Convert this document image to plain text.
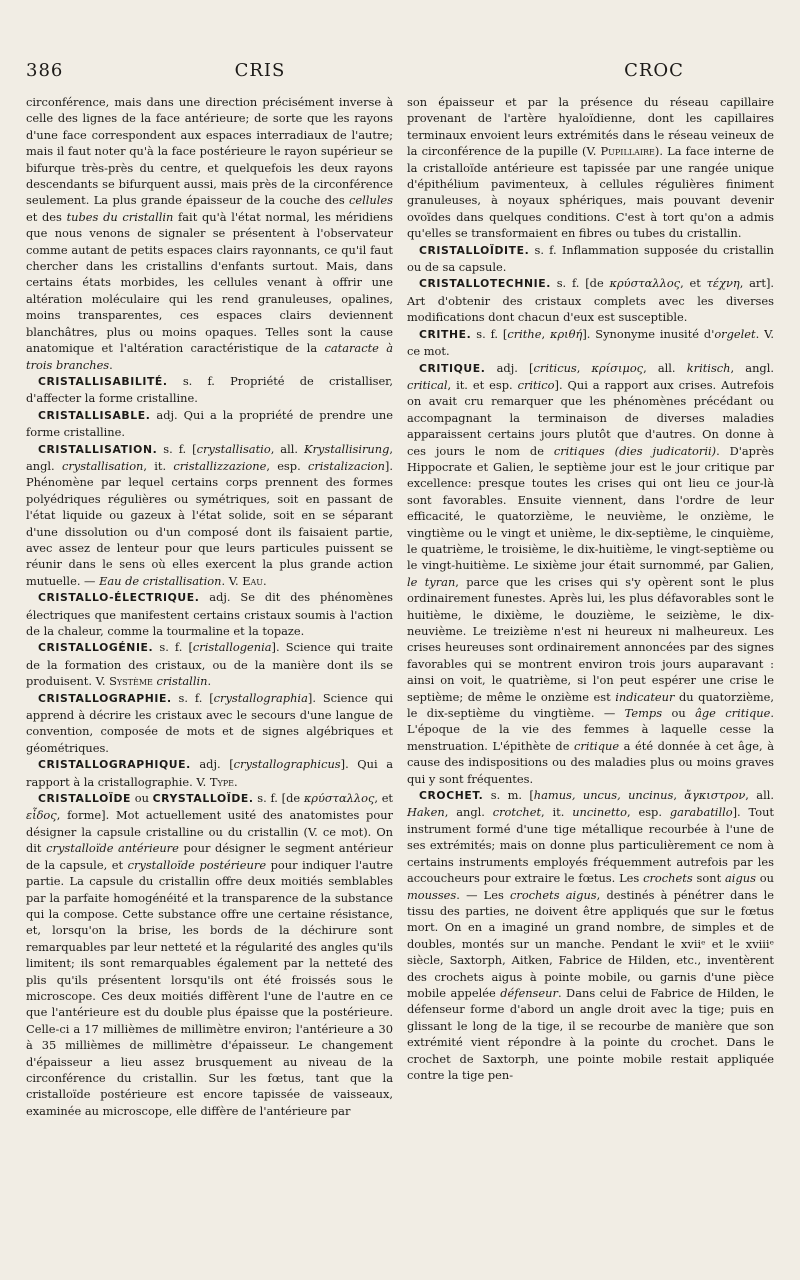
386	CRIS	CROC

circonférence, mais dans une direction précisément inverse à celle des lignes de la face antérieure; de sorte que les rayons d'une face correspondent aux espaces interradiaux de l'autre; mais il faut noter qu'à la face postérieure le rayon supérieur se bifurque très-près du centre, et quelquefois les deux rayons descendants se bifurquent aussi, mais près de la circonférence seulement. La plus grande épaisseur de la couche des cellules et des tubes du cristallin fait qu'à l'état normal, les méridiens que nous venons de signaler se présentent à l'observateur comme autant de petits espaces clairs rayonnants, ce qu'il faut chercher dans les cristallins d'enfants surtout. Mais, dans certains états morbides, les cellules venant à offrir une altération moléculaire qui les rend granuleuses, opalines, moins transparentes, ces espaces clairs deviennent blanchâtres, plus ou moins opaques. Telles sont la cause anatomique et l'altération caractéristique de la cataracte à trois branches.

CRISTALLISABILITÉ. s. f. Propriété de cristalliser, d'affecter la forme cristalline.

CRISTALLISABLE. adj. Qui a la propriété de prendre une forme cristalline.

CRISTALLISATION. s. f. [crystallisatio, all. Krystallisirung, angl. crystallisation, it. cristallizzazione, esp. cristalizacion]. Phénomène par lequel certains corps prennent des formes polyédriques régulières ou symétriques, soit en passant de l'état liquide ou gazeux à l'état solide, soit en se séparant d'une dissolution ou d'un composé dont ils faisaient partie, avec assez de lenteur pour que leurs particules puissent se réunir dans le sens où elles exercent la plus grande action mutuelle. — Eau de cristallisation. V. Eau.

CRISTALLO-ÉLECTRIQUE. adj. Se dit des phénomènes électriques que manifestent certains cristaux soumis à l'action de la chaleur, comme la tourmaline et la topaze.

CRISTALLOGÉNIE. s. f. [cristallogenia]. Science qui traite de la formation des cristaux, ou de la manière dont ils se produisent. V. Système cristallin.

CRISTALLOGRAPHIE. s. f. [crystallographia]. Science qui apprend à décrire les cristaux avec le secours d'une langue de convention, composée de mots et de signes algébriques et géométriques.

CRISTALLOGRAPHIQUE. adj. [crystallographicus]. Qui a rapport à la cristallographie. V. Type.

CRISTALLOÏDE ou CRYSTALLOÏDE. s. f. [de κρύσταλλος, et εἶδος, forme]. Mot actuellement usité des anatomistes pour désigner la capsule cristalline ou du cristallin (V. ce mot). On dit crystalloïde antérieure pour désigner le segment antérieur de la capsule, et crystalloïde postérieure pour indiquer l'autre partie. La capsule du cristallin offre deux moitiés semblables par la parfaite homogénéité et la transparence de la substance qui la compose. Cette substance offre une certaine résistance, et, lorsqu'on la brise, les bords de la déchirure sont remarquables par leur netteté et la régularité des angles qu'ils limitent; ils sont remarquables également par la netteté des plis qu'ils présentent lorsqu'ils ont été froissés sous le microscope. Ces deux moitiés diffèrent l'une de l'autre en ce que l'antérieure est du double plus épaisse que la postérieure. Celle-ci a 17 millièmes de millimètre environ; l'antérieure a 30 à 35 millièmes de millimètre d'épaisseur. Le changement d'épaisseur a lieu assez brusquement au niveau de la circonférence du cristallin. Sur les fœtus, tant que la cristalloïde postérieure est encore tapissée de vaisseaux, examinée au microscope, elle diffère de l'antérieure par

son épaisseur et par la présence du réseau capillaire provenant de l'artère hyaloïdienne, dont les capillaires terminaux envoient leurs extrémités dans le réseau veineux de la circonférence de la pupille (V. Pupillaire). La face interne de la cristalloïde antérieure est tapissée par une rangée unique d'épithélium pavimenteux, à cellules régulières finiment granuleuses, à noyaux sphériques, mais pouvant devenir ovoïdes dans quelques conditions. C'est à tort qu'on a admis qu'elles se transformaient en fibres ou tubes du cristallin.

CRISTALLOÏDITE. s. f. Inflammation supposée du cristallin ou de sa capsule.

CRISTALLOTECHNIE. s. f. [de κρύσταλλος, et τέχνη, art]. Art d'obtenir des cristaux complets avec les diverses modifications dont chacun d'eux est susceptible.

CRITHE. s. f. [crithe, κριθή]. Synonyme inusité d'orgelet. V. ce mot.

CRITIQUE. adj. [criticus, κρίσιμος, all. kritisch, angl. critical, it. et esp. critico]. Qui a rapport aux crises. Autrefois on avait cru remarquer que les phénomènes précédant ou accompagnant la terminaison de diverses maladies apparaissent certains jours plutôt que d'autres. On donne à ces jours le nom de critiques (dies judicatorii). D'après Hippocrate et Galien, le septième jour est le jour critique par excellence: presque toutes les crises qui ont lieu ce jour-là sont favorables. Ensuite viennent, dans l'ordre de leur efficacité, le quatorzième, le neuvième, le onzième, le vingtième ou le vingt et unième, le dix-septième, le cinquième, le quatrième, le troisième, le dix-huitième, le vingt-septième ou le vingt-huitième. Le sixième jour était surnommé, par Galien, le tyran, parce que les crises qui s'y opèrent sont le plus ordinairement funestes. Après lui, les plus défavorables sont le huitième, le dixième, le douzième, le seizième, le dix-neuvième. Le treizième n'est ni heureux ni malheureux. Les crises heureuses sont ordinairement annoncées par des signes favorables qui se montrent environ trois jours auparavant : ainsi on voit, le quatrième, si l'on peut espérer une crise le septième; de même le onzième est indicateur du quatorzième, le dix-septième du vingtième. — Temps ou âge critique. L'époque de la vie des femmes à laquelle cesse la menstruation. L'épithète de critique a été donnée à cet âge, à cause des indispositions ou des maladies plus ou moins graves qui y sont fréquentes.

CROCHET. s. m. [hamus, uncus, uncinus, ἄγκιστρον, all. Haken, angl. crotchet, it. uncinetto, esp. garabatillo]. Tout instrument formé d'une tige métallique recourbée à l'une de ses extrémités; mais on donne plus particulièrement ce nom à certains instruments employés fréquemment autrefois par les accoucheurs pour extraire le fœtus. Les crochets sont aigus ou mousses. — Les crochets aigus, destinés à pénétrer dans le tissu des parties, ne doivent être appliqués que sur le fœtus mort. On en a imaginé un grand nombre, de simples et de doubles, montés sur un manche. Pendant le xviiᵉ et le xviiiᵉ siècle, Saxtorph, Aitken, Fabrice de Hilden, etc., inventèrent des crochets aigus à pointe mobile, ou garnis d'une pièce mobile appelée défenseur. Dans celui de Fabrice de Hilden, le défenseur forme d'abord un angle droit avec la tige; puis en glissant le long de la tige, il se recourbe de manière que son extrémité vient répondre à la pointe du crochet. Dans le crochet de Saxtorph, une pointe mobile restait appliquée contre la tige pen-
